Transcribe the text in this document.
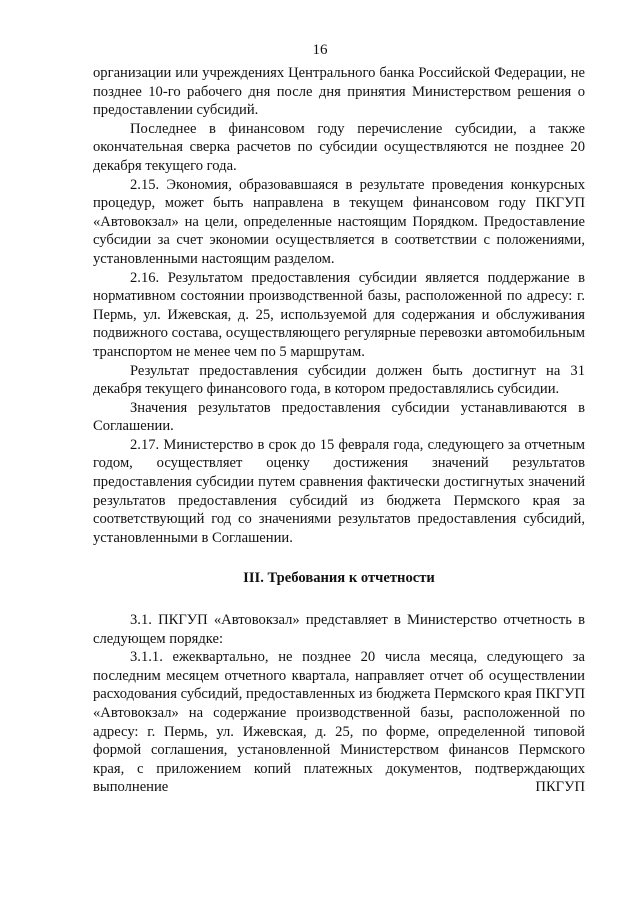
16

организации или учреждениях Центрального банка Российской Федерации, не позднее 10-го рабочего дня после дня принятия Министерством решения о предоставлении субсидий.

Последнее в финансовом году перечисление субсидии, а также окончательная сверка расчетов по субсидии осуществляются не позднее 20 декабря текущего года.

2.15. Экономия, образовавшаяся в результате проведения конкурсных процедур, может быть направлена в текущем финансовом году ПКГУП «Автовокзал» на цели, определенные настоящим Порядком. Предоставление субсидии за счет экономии осуществляется в соответствии с положениями, установленными настоящим разделом.

2.16. Результатом предоставления субсидии является поддержание в нормативном состоянии производственной базы, расположенной по адресу: г. Пермь, ул. Ижевская, д. 25, используемой для содержания и обслуживания подвижного состава, осуществляющего регулярные перевозки автомобильным транспортом не менее чем по 5 маршрутам.

Результат предоставления субсидии должен быть достигнут на 31 декабря текущего финансового года, в котором предоставлялись субсидии.

Значения результатов предоставления субсидии устанавливаются в Соглашении.

2.17. Министерство в срок до 15 февраля года, следующего за отчетным годом, осуществляет оценку достижения значений результатов предоставления субсидии путем сравнения фактически достигнутых значений результатов предоставления субсидий из бюджета Пермского края за соответствующий год со значениями результатов предоставления субсидий, установленными в Соглашении.

III. Требования к отчетности

3.1. ПКГУП «Автовокзал» представляет в Министерство отчетность в следующем порядке:

3.1.1. ежеквартально, не позднее 20 числа месяца, следующего за последним месяцем отчетного квартала, направляет отчет об осуществлении расходования субсидий, предоставленных из бюджета Пермского края ПКГУП «Автовокзал» на содержание производственной базы, расположенной по адресу: г. Пермь, ул. Ижевская, д. 25, по форме, определенной типовой формой соглашения, установленной Министерством финансов Пермского края, с приложением копий платежных документов, подтверждающих выполнение ПКГУП
